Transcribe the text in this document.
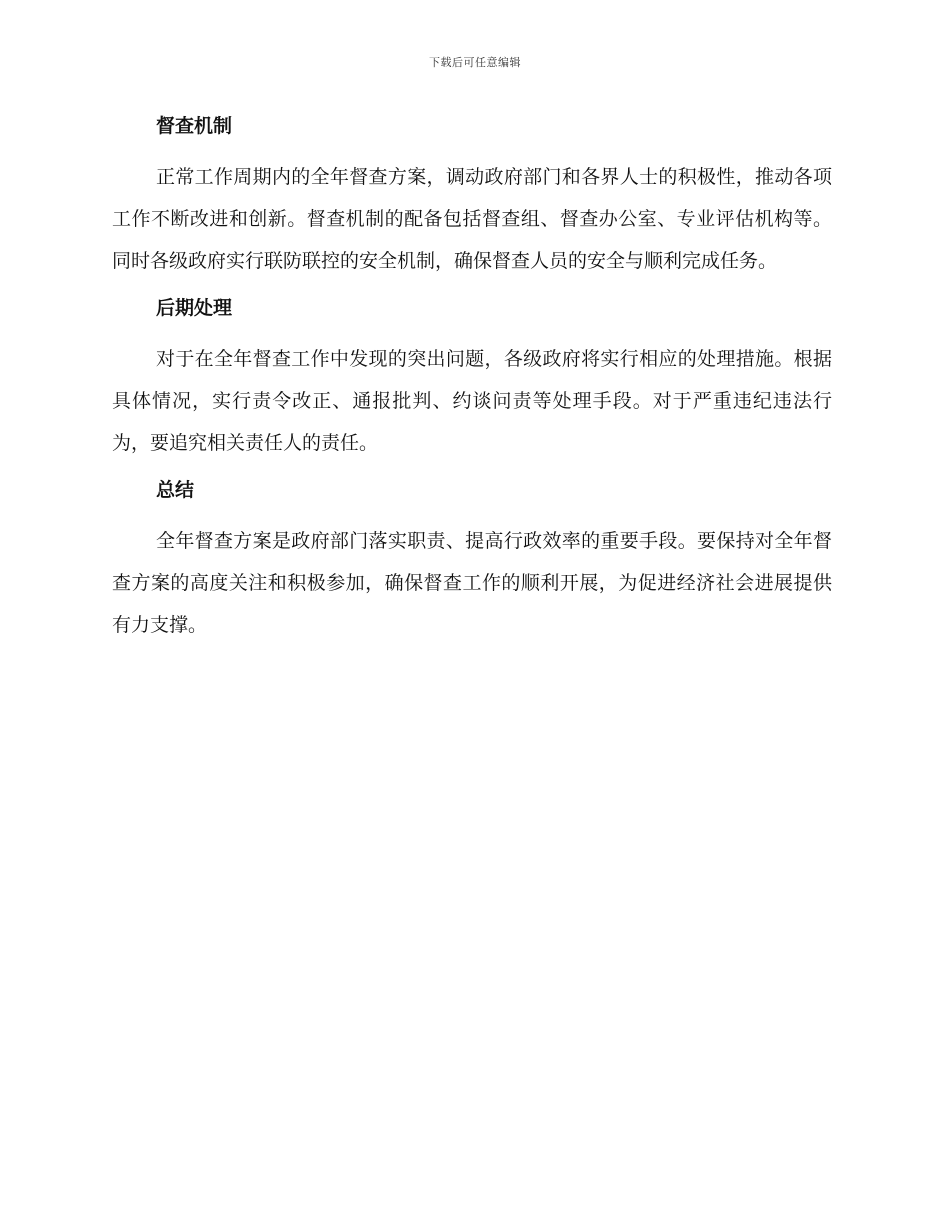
下载后可任意编辑
督查机制

正常工作周期内的全年督查方案，调动政府部门和各界人士的积极性，推动各项工作不断改进和创新。督查机制的配备包括督查组、督查办公室、专业评估机构等。同时各级政府实行联防联控的安全机制，确保督查人员的安全与顺利完成任务。

后期处理

对于在全年督查工作中发现的突出问题，各级政府将实行相应的处理措施。根据具体情况，实行责令改正、通报批判、约谈问责等处理手段。对于严重违纪违法行为，要追究相关责任人的责任。

总结

全年督查方案是政府部门落实职责、提高行政效率的重要手段。要保持对全年督查方案的高度关注和积极参加，确保督查工作的顺利开展，为促进经济社会进展提供有力支撑。
